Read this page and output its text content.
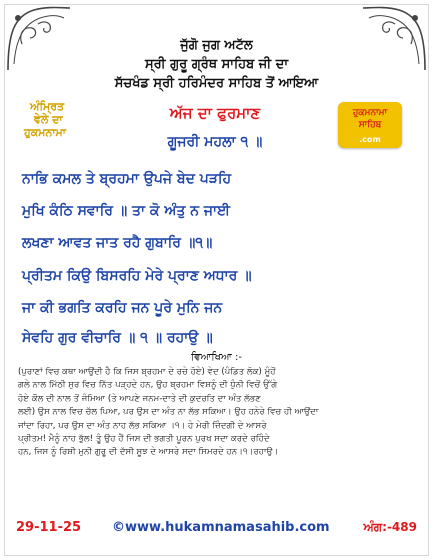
ਜੁੱਗੋ ਜੁਗ ਅਟੱਲ
ਸ੍ਰੀ ਗੁਰੂ ਗ੍ਰੰਥ ਸਾਹਿਬ ਜੀ ਦਾ
ਸੱਚਖੰਡ ਸ੍ਰੀ ਹਰਿਮੰਦਰ ਸਾਹਿਬ ਤੋਂ ਆਇਆ
ਅੰਮ੍ਰਿਤ
ਵੇਲੇ ਦਾ
ਹੁਕਮਨਾਮਾ
ਅੱਜ ਦਾ ਫੁਰਮਾਣ
ਗੂਜਰੀ ਮਹਲਾ ੧ ॥
ਹੁਕਮਨਾਮਾ
ਸਾਹਿਬ
.com
ਨਾਭਿ ਕਮਲ ਤੇ ਬ੍ਰਹਮਾ ਉਪਜੇ ਬੇਦ ਪੜਹਿ
ਮੁਖਿ ਕੰਠਿ ਸਵਾਰਿ ॥ ਤਾ ਕੋ ਅੰਤੁ ਨ ਜਾਈ
ਲਖਣਾ ਆਵਤ ਜਾਤ ਰਹੈ ਗੁਬਾਰਿ ॥੧॥
ਪ੍ਰੀਤਮ ਕਿਉ ਬਿਸਰਹਿ ਮੇਰੇ ਪ੍ਰਾਣ ਅਧਾਰ ॥
ਜਾ ਕੀ ਭਗਤਿ ਕਰਹਿ ਜਨ ਪੂਰੇ ਮੁਨਿ ਜਨ
ਸੇਵਹਿ ਗੁਰ ਵੀਚਾਰਿ ॥ ੧ ॥ ਰਹਾਉ ॥
ਵਿਆਖਿਆ :-
(ਪੁਰਾਣਾਂ ਵਿਚ ਕਥਾ ਆਉਂਦੀ ਹੈ ਕਿ ਜਿਸ ਬ੍ਰਹਮਾ ਦੇ ਰਚੇ ਹੋਏ) ਵੇਦ (ਪੰਡਿਤ ਲੋਕ) ਮੂੰਹੋਂ
ਗਲੇ ਨਾਲ ਮਿੱਠੀ ਸੁਰ ਵਿਚ ਨਿੱਤ ਪੜ੍ਹਦੇ ਹਨ, ਉਹ ਬ੍ਰਹਮਾ ਵਿਸ਼ਨੂੰ ਦੀ ਧੁੰਨੀ ਵਿਚੋਂ ਉੱਗੇ
ਹੋਏ ਕੌਲ ਦੀ ਨਾਲ ਤੋਂ ਜੰਮਿਆ (ਤੇ ਆਪਣੇ ਜਨਮ-ਦਾਤੇ ਦੀ ਕੁਦਰਤਿ ਦਾ ਅੰਤ ਲੱਭਣ
ਲਈ) ਉਸ ਨਾਲ ਵਿਚ ਚੱਲ ਪਿਆ, ਪਰ ਉਸ ਦਾ ਅੰਤ ਨਾ ਲੱਭ ਸਕਿਆ। ਉਹ ਹਨੇਰੇ ਵਿਚ ਹੀ ਆਉਂਦਾ
ਜਾਂਦਾ ਰਿਹਾ, ਪਰ ਉਸ ਦਾ ਅੰਤ ਨਾਹ ਲੱਭ ਸਕਿਆ ।੧। ਹੇ ਮੇਰੀ ਜ਼ਿੰਦਗੀ ਦੇ ਆਸਰੇ
ਪ੍ਰੀਤਮ! ਮੈਨੂੰ ਨਾਹ ਭੁੱਲ! ਤੂੰ ਉਹ ਹੈਂ ਜਿਸ ਦੀ ਭਗਤੀ ਪੂਰਨ ਪੁਰਖ ਸਦਾ ਕਰਦੇ ਰਹਿੰਦੇ
ਹਨ, ਜਿਸ ਨੂੰ ਰਿਸ਼ੀ ਮੁਨੀ ਗੁਰੂ ਦੀ ਦੱਸੀ ਸੂਝ ਦੇ ਆਸਰੇ ਸਦਾ ਸਿਮਰਦੇ ਹਨ।੧।ਰਹਾਉ।
29-11-25 ©www.hukamnamasahib.com	ਅੰਗ:-489
